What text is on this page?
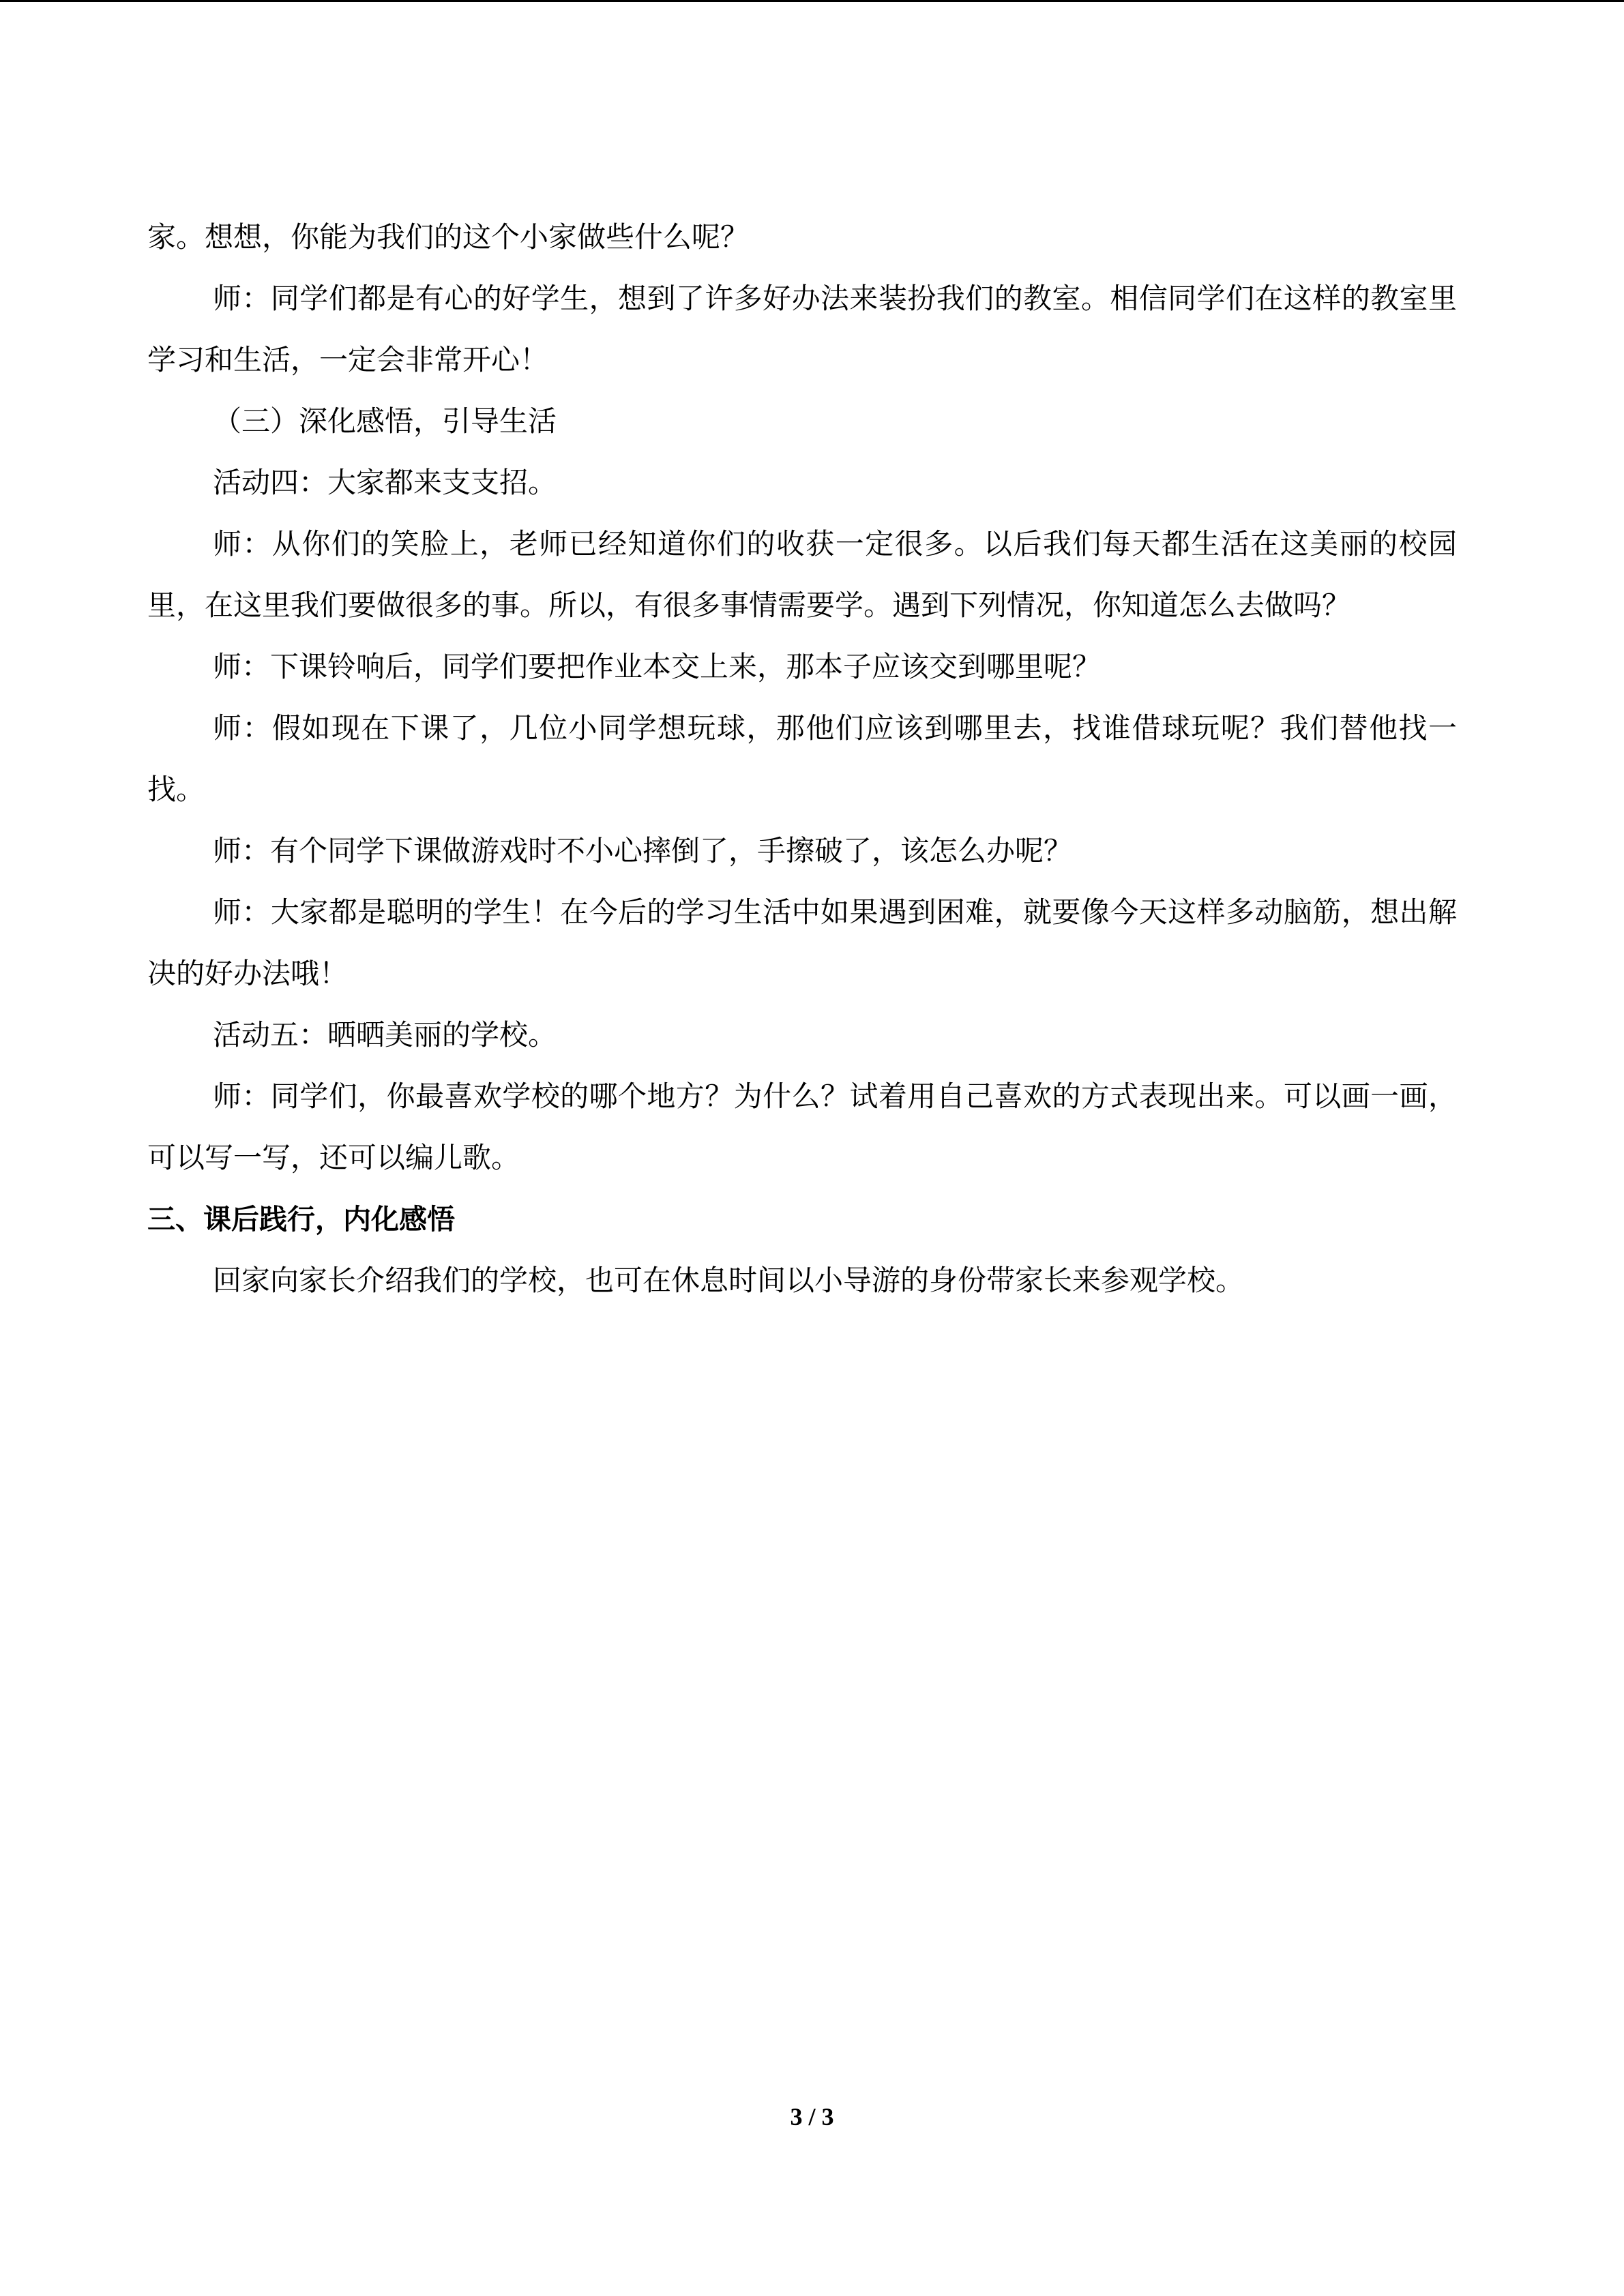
家。想想，你能为我们的这个小家做些什么呢？

师：同学们都是有心的好学生，想到了许多好办法来装扮我们的教室。相信同学们在这样的教室里学习和生活，一定会非常开心！

（三）深化感悟，引导生活

活动四：大家都来支支招。

师：从你们的笑脸上，老师已经知道你们的收获一定很多。以后我们每天都生活在这美丽的校园里，在这里我们要做很多的事。所以，有很多事情需要学。遇到下列情况，你知道怎么去做吗？

师：下课铃响后，同学们要把作业本交上来，那本子应该交到哪里呢？

师：假如现在下课了，几位小同学想玩球，那他们应该到哪里去，找谁借球玩呢？我们替他找一找。

师：有个同学下课做游戏时不小心摔倒了，手擦破了，该怎么办呢？

师：大家都是聪明的学生！在今后的学习生活中如果遇到困难，就要像今天这样多动脑筋，想出解决的好办法哦！

活动五：晒晒美丽的学校。

师：同学们，你最喜欢学校的哪个地方？为什么？试着用自己喜欢的方式表现出来。可以画一画，可以写一写，还可以编儿歌。

三、课后践行，内化感悟

回家向家长介绍我们的学校，也可在休息时间以小导游的身份带家长来参观学校。

3 / 3
